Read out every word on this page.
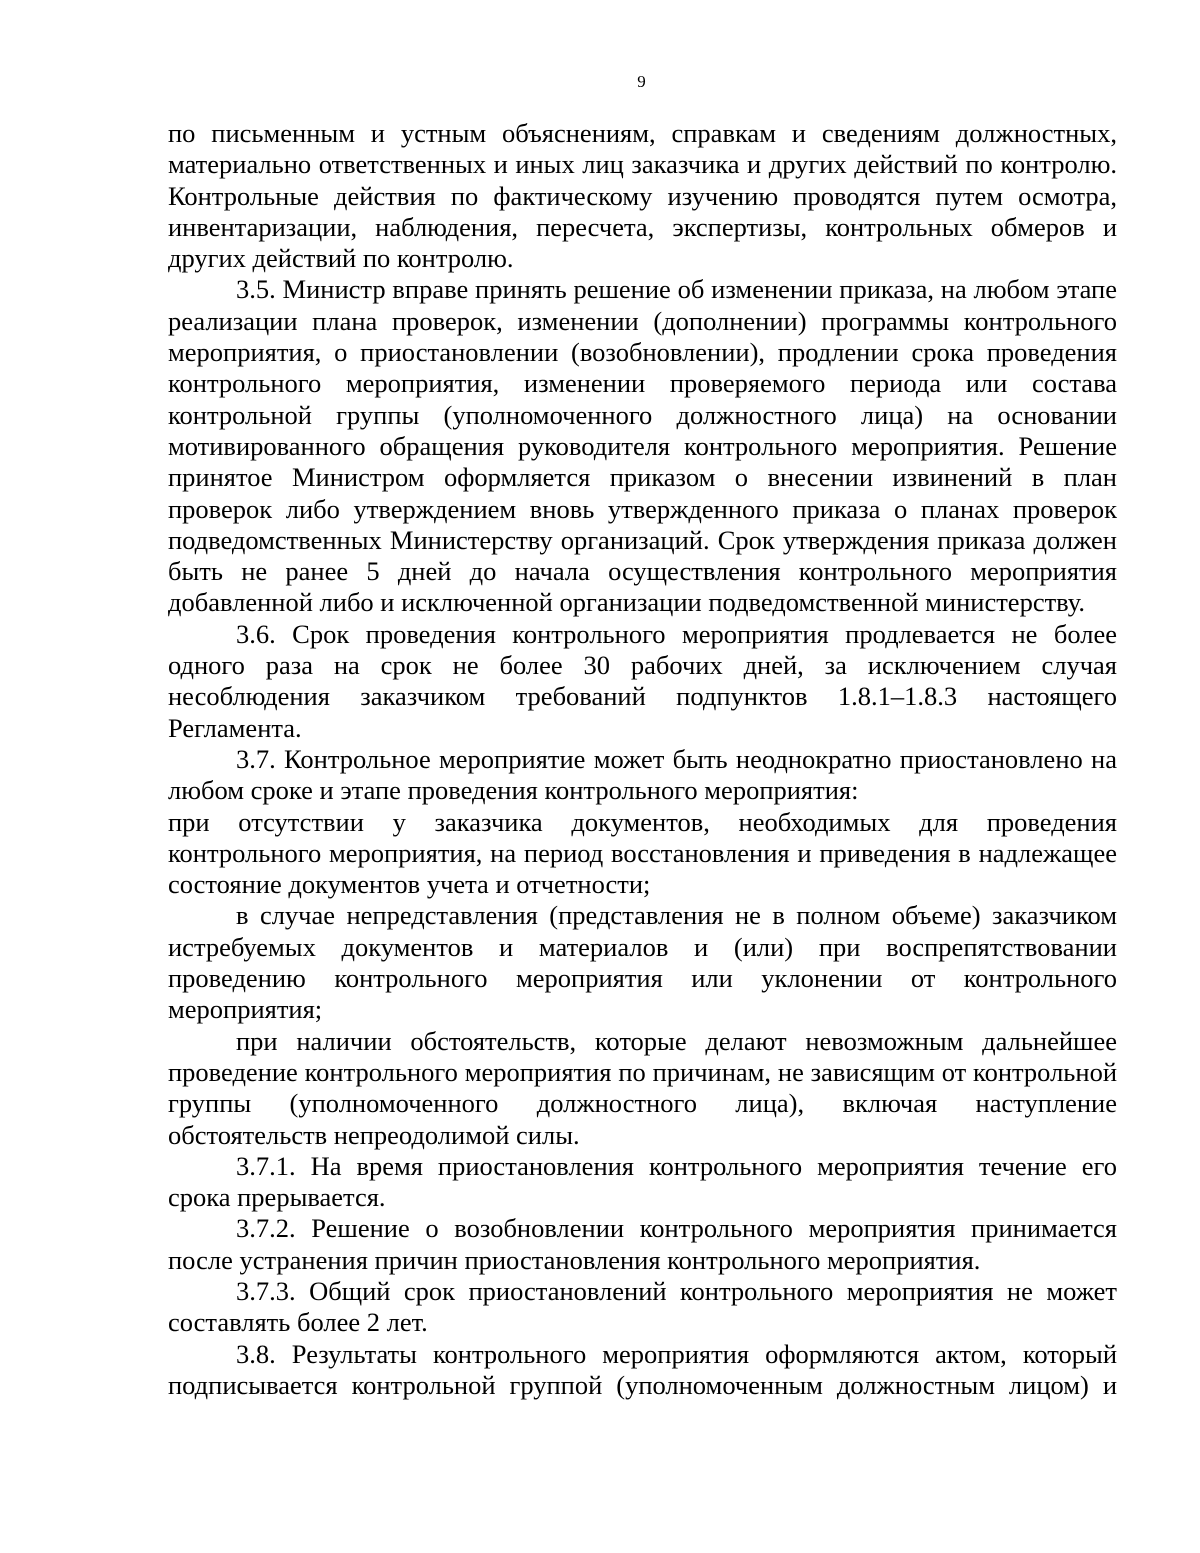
9

по письменным и устным объяснениям, справкам и сведениям должностных, материально ответственных и иных лиц заказчика и других действий по контролю. Контрольные действия по фактическому изучению проводятся путем осмотра, инвентаризации, наблюдения, пересчета, экспертизы, контрольных обмеров и других действий по контролю.

3.5. Министр вправе принять решение об изменении приказа, на любом этапе реализации плана проверок, изменении (дополнении) программы контрольного мероприятия, о приостановлении (возобновлении), продлении срока проведения контрольного мероприятия, изменении проверяемого периода или состава контрольной группы (уполномоченного должностного лица) на основании мотивированного обращения руководителя контрольного мероприятия. Решение принятое Министром оформляется приказом о внесении извинений в план проверок либо утверждением вновь утвержденного приказа о планах проверок подведомственных Министерству организаций. Срок утверждения приказа должен быть не ранее 5 дней до начала осуществления контрольного мероприятия добавленной либо и исключенной организации подведомственной министерству.

3.6. Срок проведения контрольного мероприятия продлевается не более одного раза на срок не более 30 рабочих дней, за исключением случая несоблюдения заказчиком требований подпунктов 1.8.1–1.8.3 настоящего Регламента.

3.7. Контрольное мероприятие может быть неоднократно приостановлено на любом сроке и этапе проведения контрольного мероприятия:

при отсутствии у заказчика документов, необходимых для проведения контрольного мероприятия, на период восстановления и приведения в надлежащее состояние документов учета и отчетности;

в случае непредставления (представления не в полном объеме) заказчиком истребуемых документов и материалов и (или) при воспрепятствовании проведению контрольного мероприятия или уклонении от контрольного мероприятия;

при наличии обстоятельств, которые делают невозможным дальнейшее проведение контрольного мероприятия по причинам, не зависящим от контрольной группы (уполномоченного должностного лица), включая наступление обстоятельств непреодолимой силы.

3.7.1. На время приостановления контрольного мероприятия течение его срока прерывается.

3.7.2. Решение о возобновлении контрольного мероприятия принимается после устранения причин приостановления контрольного мероприятия.

3.7.3. Общий срок приостановлений контрольного мероприятия не может составлять более 2 лет.

3.8. Результаты контрольного мероприятия оформляются актом, который подписывается контрольной группой (уполномоченным должностным лицом) и
